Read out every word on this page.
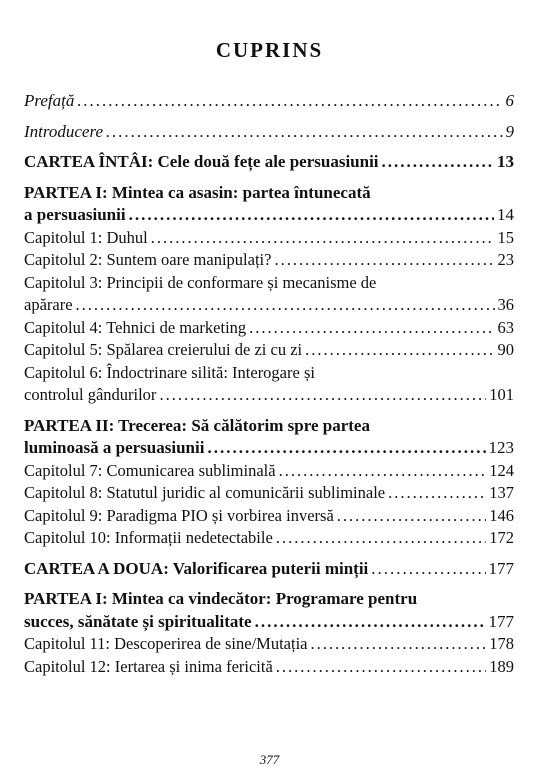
CUPRINS
Prefață .....	6
Introducere .....	9
CARTEA ÎNTÂI: Cele două fețe ale persuasiunii .....	13
PARTEA I: Mintea ca asasin: partea întunecată
a persuasiunii .....	14
Capitolul 1: Duhul .....	15
Capitolul 2: Suntem oare manipulați? .....	23
Capitolul 3: Principii de conformare și mecanisme de
apărare .....	36
Capitolul 4: Tehnici de marketing .....	63
Capitolul 5: Spălarea creierului de zi cu zi .....	90
Capitolul 6: Îndoctrinare silită: Interogare și
controlul gândurilor .....	101
PARTEA II: Trecerea: Să călătorim spre partea
luminoasă a persuasiunii .....	123
Capitolul 7: Comunicarea subliminală .....	124
Capitolul 8: Statutul juridic al comunicării subliminale .....	137
Capitolul 9: Paradigma PIO și vorbirea inversă .....	146
Capitolul 10: Informații nedetectabile .....	172
CARTEA A DOUA: Valorificarea puterii minții .....	177
PARTEA I: Mintea ca vindecător: Programare pentru
succes, sănătate și spiritualitate .....	177
Capitolul 11: Descoperirea de sine/Mutația .....	178
Capitolul 12: Iertarea și inima fericită .....	189
377
